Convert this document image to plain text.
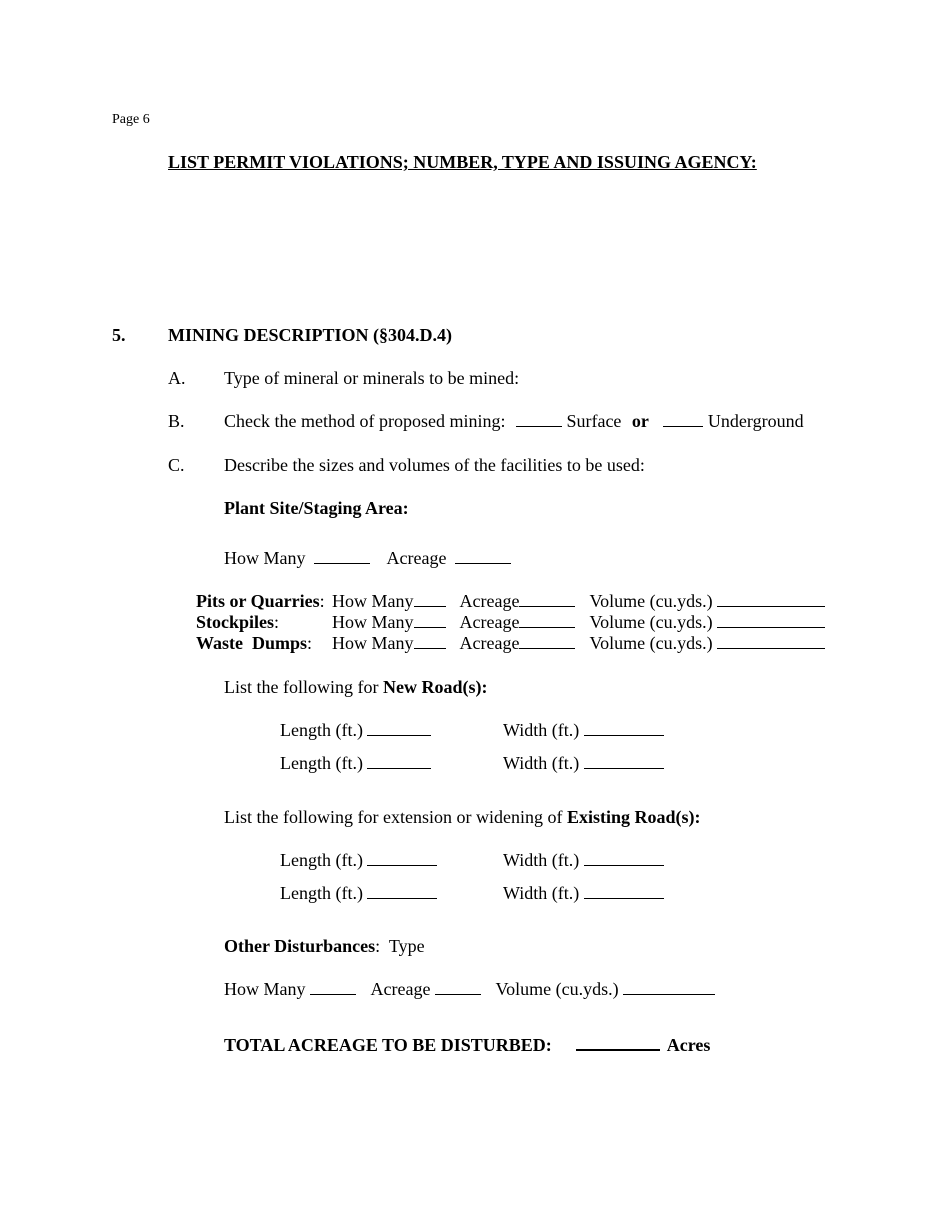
Page 6
LIST PERMIT VIOLATIONS; NUMBER, TYPE AND ISSUING AGENCY:
5. MINING DESCRIPTION (§304.D.4)
A. Type of mineral or minerals to be mined:
B. Check the method of proposed mining:	Surface or	Underground
C. Describe the sizes and volumes of the facilities to be used:
Plant Site/Staging Area:
How Many	Acreage
Pits or Quarries: How Many	Acreage	Volume (cu.yds.)
Stockpiles:	How Many	Acreage	Volume (cu.yds.)
Waste  Dumps: How Many	Acreage	Volume (cu.yds.)
List the following for New Road(s):
Length (ft.)	Width (ft.)
Length (ft.)	Width (ft.)
List the following for extension or widening of Existing Road(s):
Length (ft.)	Width (ft.)
Length (ft.)	Width (ft.)
Other Disturbances:  Type
How Many	Acreage	Volume (cu.yds.)
TOTAL ACREAGE TO BE DISTURBED:	Acres
